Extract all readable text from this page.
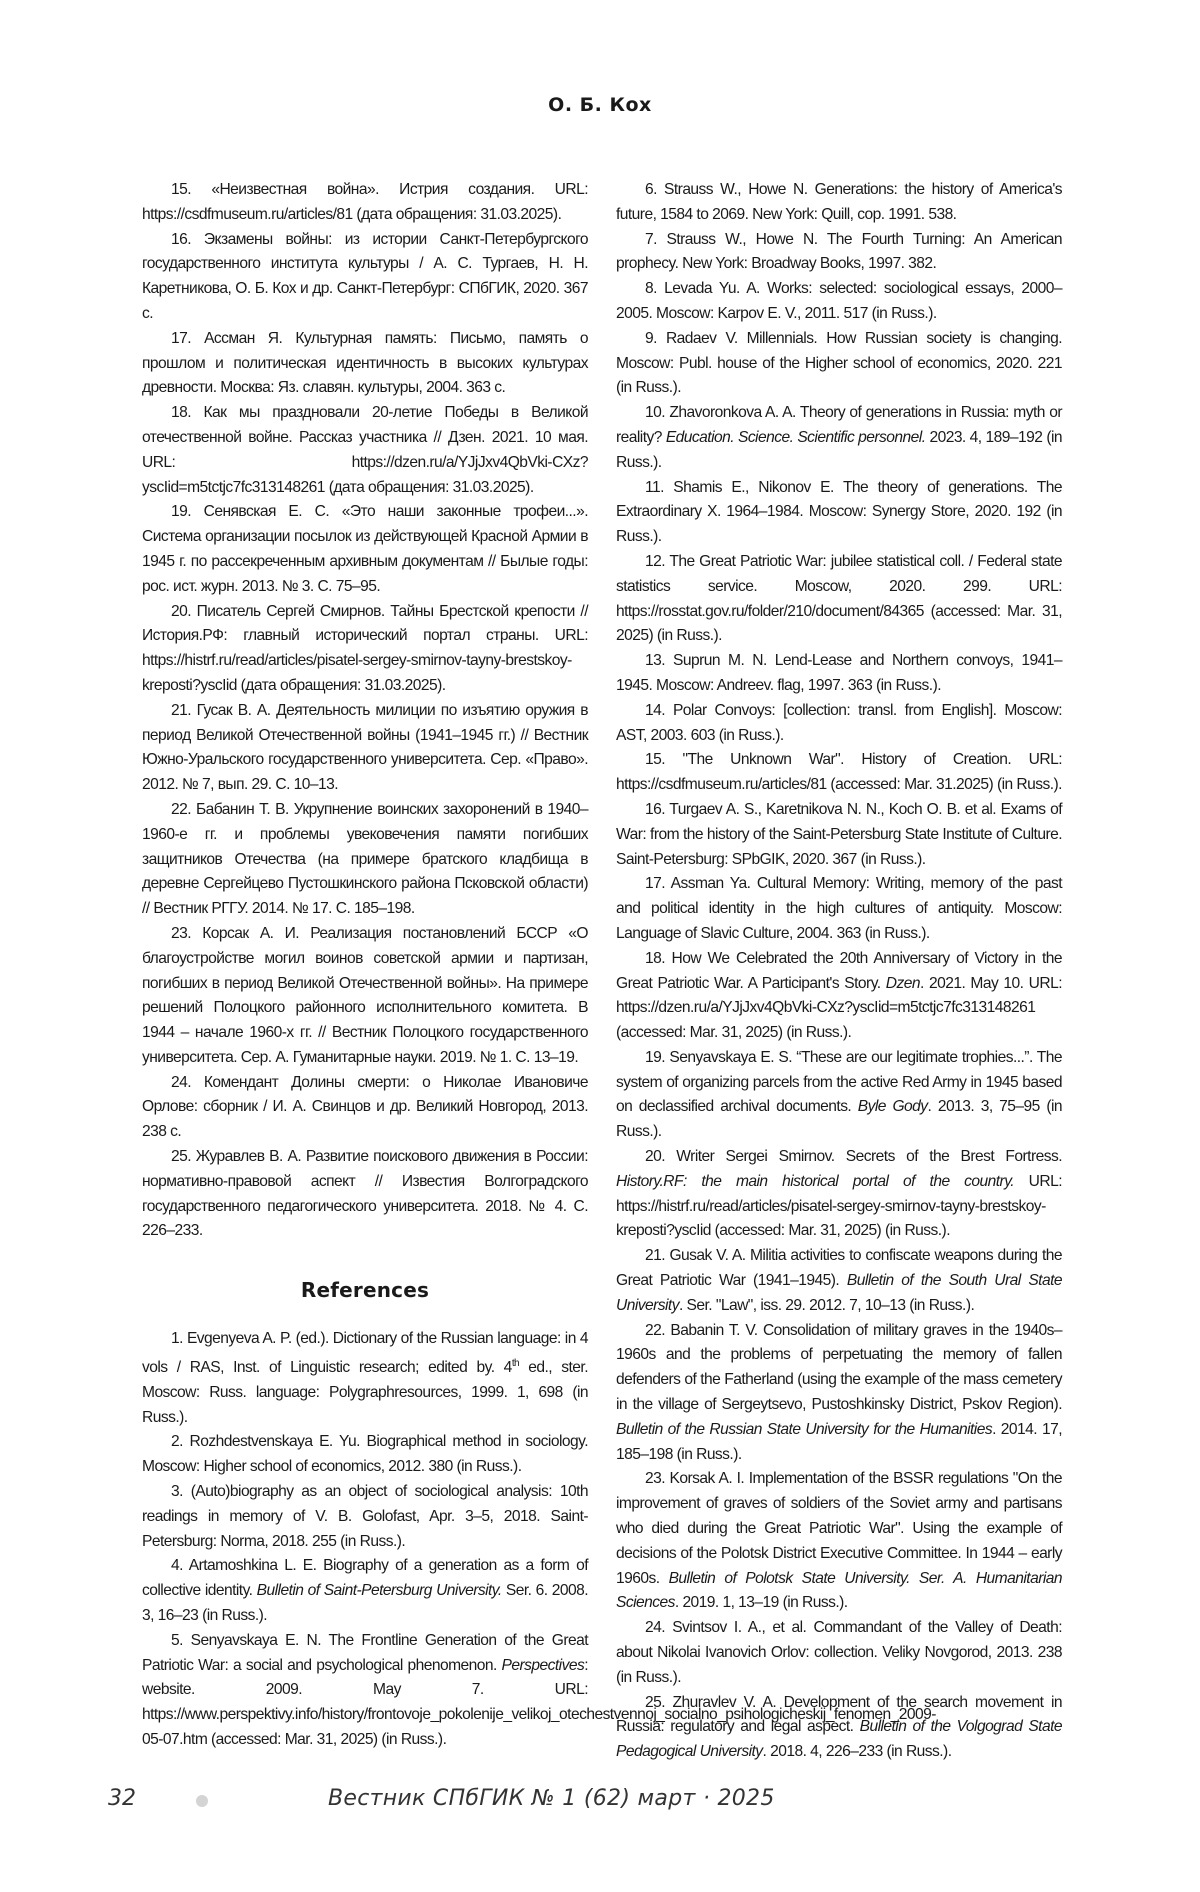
О. Б. Кох

15. «Неизвестная война». Истрия создания. URL: https://csdfmuseum.ru/articles/81 (дата обращения: 31.03.2025).

16. Экзамены войны: из истории Санкт-Петербургского государственного института культуры / А. С. Тургаев, Н. Н. Каретникова, О. Б. Кох и др. Санкт-Петербург: СПбГИК, 2020. 367 с.

17. Ассман Я. Культурная память: Письмо, память о прошлом и политическая идентичность в высоких культурах древности. Москва: Яз. славян. культуры, 2004. 363 с.

18. Как мы праздновали 20-летие Победы в Великой отечественной войне. Рассказ участника // Дзен. 2021. 10 мая. URL: https://dzen.ru/a/YJjJxv4QbVki-CXz?yscIid=m5tctjc7fc313148261 (дата обращения: 31.03.2025).

19. Сенявская Е. С. «Это наши законные трофеи...». Система организации посылок из действующей Красной Армии в 1945 г. по рассекреченным архивным документам // Былые годы: рос. ист. журн. 2013. № 3. С. 75–95.

20. Писатель Сергей Смирнов. Тайны Брестской крепости // История.РФ: главный исторический портал страны. URL: https://histrf.ru/read/articles/pisatel-sergey-smirnov-tayny-brestskoy-kreposti?yscIid (дата обращения: 31.03.2025).

21. Гусак В. А. Деятельность милиции по изъятию оружия в период Великой Отечественной войны (1941–1945 гг.) // Вестник Южно-Уральского государственного университета. Сер. «Право». 2012. № 7, вып. 29. С. 10–13.

22. Бабанин Т. В. Укрупнение воинских захоронений в 1940–1960-е гг. и проблемы увековечения памяти погибших защитников Отечества (на примере братского кладбища в деревне Сергейцево Пустошкинского района Псковской области) // Вестник РГГУ. 2014. № 17. С. 185–198.

23. Корсак А. И. Реализация постановлений БССР «О благоустройстве могил воинов советской армии и партизан, погибших в период Великой Отечественной войны». На примере решений Полоцкого районного исполнительного комитета. В 1944 – начале 1960-х гг. // Вестник Полоцкого государственного университета. Сер. А. Гуманитарные науки. 2019. № 1. С. 13–19.

24. Комендант Долины смерти: о Николае Ивановиче Орлове: сборник / И. А. Свинцов и др. Великий Новгород, 2013. 238 с.

25. Журавлев В. А. Развитие поискового движения в России: нормативно-правовой аспект // Известия Волгоградского государственного педагогического университета. 2018. № 4. С. 226–233.

References

1. Evgenyeva A. P. (ed.). Dictionary of the Russian language: in 4 vols / RAS, Inst. of Linguistic research; edited by. 4th ed., ster. Moscow: Russ. language: Polygraphresources, 1999. 1, 698 (in Russ.).

2. Rozhdestvenskaya E. Yu. Biographical method in sociology. Moscow: Higher school of economics, 2012. 380 (in Russ.).

3. (Auto)biography as an object of sociological analysis: 10th readings in memory of V. B. Golofast, Apr. 3–5, 2018. Saint-Petersburg: Norma, 2018. 255 (in Russ.).

4. Artamoshkina L. E. Biography of a generation as a form of collective identity. Bulletin of Saint-Petersburg University. Ser. 6. 2008. 3, 16–23 (in Russ.).

5. Senyavskaya E. N. The Frontline Generation of the Great Patriotic War: a social and psychological phenomenon. Perspectives: website. 2009. May 7. URL: https://www.perspektivy.info/history/frontovoje_pokolenije_velikoj_otechestvennoj_socialno_psihologicheskij_fenomen_2009-05-07.htm (accessed: Mar. 31, 2025) (in Russ.).

6. Strauss W., Howe N. Generations: the history of America's future, 1584 to 2069. New York: Quill, cop. 1991. 538.

7. Strauss W., Howe N. The Fourth Turning: An American prophecy. New York: Broadway Books, 1997. 382.

8. Levada Yu. A. Works: selected: sociological essays, 2000–2005. Moscow: Karpov E. V., 2011. 517 (in Russ.).

9. Radaev V. Millennials. How Russian society is changing. Moscow: Publ. house of the Higher school of economics, 2020. 221 (in Russ.).

10. Zhavoronkova A. A. Theory of generations in Russia: myth or reality? Education. Science. Scientific personnel. 2023. 4, 189–192 (in Russ.).

11. Shamis E., Nikonov E. The theory of generations. The Extraordinary X. 1964–1984. Moscow: Synergy Store, 2020. 192 (in Russ.).

12. The Great Patriotic War: jubilee statistical coll. / Federal state statistics service. Moscow, 2020. 299. URL: https://rosstat.gov.ru/folder/210/document/84365 (accessed: Mar. 31, 2025) (in Russ.).

13. Suprun M. N. Lend-Lease and Northern convoys, 1941–1945. Moscow: Andreev. flag, 1997. 363 (in Russ.).

14. Polar Convoys: [collection: transl. from English]. Moscow: AST, 2003. 603 (in Russ.).

15. "The Unknown War". History of Creation. URL: https://csdfmuseum.ru/articles/81 (accessed: Mar. 31.2025) (in Russ.).

16. Turgaev A. S., Karetnikova N. N., Koch O. B. et al. Exams of War: from the history of the Saint-Petersburg State Institute of Culture. Saint-Petersburg: SPbGIK, 2020. 367 (in Russ.).

17. Assman Ya. Cultural Memory: Writing, memory of the past and political identity in the high cultures of antiquity. Moscow: Language of Slavic Culture, 2004. 363 (in Russ.).

18. How We Celebrated the 20th Anniversary of Victory in the Great Patriotic War. A Participant's Story. Dzen. 2021. May 10. URL: https://dzen.ru/a/YJjJxv4QbVki-CXz?yscIid=m5tctjc7fc313148261 (accessed: Mar. 31, 2025) (in Russ.).

19. Senyavskaya E. S. “These are our legitimate trophies...”. The system of organizing parcels from the active Red Army in 1945 based on declassified archival documents. Byle Gody. 2013. 3, 75–95 (in Russ.).

20. Writer Sergei Smirnov. Secrets of the Brest Fortress. History.RF: the main historical portal of the country. URL: https://histrf.ru/read/articles/pisatel-sergey-smirnov-tayny-brestskoy-kreposti?yscIid (accessed: Mar. 31, 2025) (in Russ.).

21. Gusak V. A. Militia activities to confiscate weapons during the Great Patriotic War (1941–1945). Bulletin of the South Ural State University. Ser. "Law", iss. 29. 2012. 7, 10–13 (in Russ.).

22. Babanin T. V. Consolidation of military graves in the 1940s–1960s and the problems of perpetuating the memory of fallen defenders of the Fatherland (using the example of the mass cemetery in the village of Sergeytsevo, Pustoshkinsky District, Pskov Region). Bulletin of the Russian State University for the Humanities. 2014. 17, 185–198 (in Russ.).

23. Korsak A. I. Implementation of the BSSR regulations "On the improvement of graves of soldiers of the Soviet army and partisans who died during the Great Patriotic War". Using the example of decisions of the Polotsk District Executive Committee. In 1944 – early 1960s. Bulletin of Polotsk State University. Ser. A. Humanitarian Sciences. 2019. 1, 13–19 (in Russ.).

24. Svintsov I. A., et al. Commandant of the Valley of Death: about Nikolai Ivanovich Orlov: collection. Veliky Novgorod, 2013. 238 (in Russ.).

25. Zhuravlev V. A. Development of the search movement in Russia: regulatory and legal aspect. Bulletin of the Volgograd State Pedagogical University. 2018. 4, 226–233 (in Russ.).

32	Вестник СПбГИК № 1 (62) март · 2025
